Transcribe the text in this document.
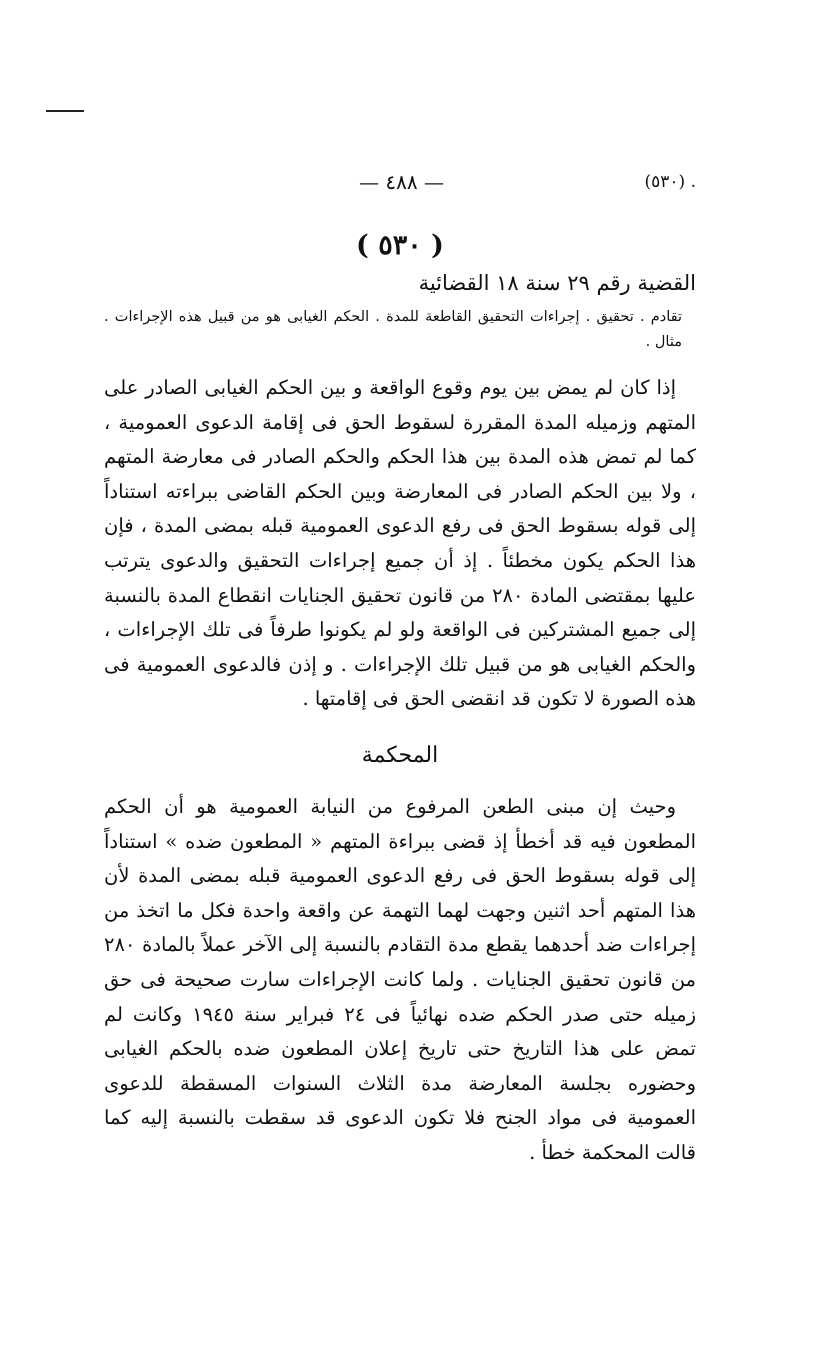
— ٤٨٨ —	. (٥٣٠)
( ٥٣٠ )
القضية رقم ٢٩ سنة ١٨ القضائية
تقادم . تحقيق . إجراءات التحقيق القاطعة للمدة . الحكم الغيابى هو من قبيل هذه الإجراءات . مثال .

إذا كان لم يمض بين يوم وقوع الواقعة و بين الحكم الغيابى الصادر على المتهم وزميله المدة المقررة لسقوط الحق فى إقامة الدعوى العمومية ، كما لم تمض هذه المدة بين هذا الحكم والحكم الصادر فى معارضة المتهم ، ولا بين الحكم الصادر فى المعارضة وبين الحكم القاضى ببراءته استناداً إلى قوله بسقوط الحق فى رفع الدعوى العمومية قبله بمضى المدة ، فإن هذا الحكم يكون مخطئاً . إذ أن جميع إجراءات التحقيق والدعوى يترتب عليها بمقتضى المادة ٢٨٠ من قانون تحقيق الجنايات انقطاع المدة بالنسبة إلى جميع المشتركين فى الواقعة ولو لم يكونوا طرفاً فى تلك الإجراءات ، والحكم الغيابى هو من قبيل تلك الإجراءات . و إذن فالدعوى العمومية فى هذه الصورة لا تكون قد انقضى الحق فى إقامتها .

المحكمة

وحيث إن مبنى الطعن المرفوع من النيابة العمومية هو أن الحكم المطعون فيه قد أخطأ إذ قضى ببراءة المتهم « المطعون ضده » استناداً إلى قوله بسقوط الحق فى رفع الدعوى العمومية قبله بمضى المدة لأن هذا المتهم أحد اثنين وجهت لهما التهمة عن واقعة واحدة فكل ما اتخذ من إجراءات ضد أحدهما يقطع مدة التقادم بالنسبة إلى الآخر عملاً بالمادة ٢٨٠ من قانون تحقيق الجنايات . ولما كانت الإجراءات سارت صحيحة فى حق زميله حتى صدر الحكم ضده نهائياً فى ٢٤ فبراير سنة ١٩٤٥ وكانت لم تمض على هذا التاريخ حتى تاريخ إعلان المطعون ضده بالحكم الغيابى وحضوره بجلسة المعارضة مدة الثلاث السنوات المسقطة للدعوى العمومية فى مواد الجنح فلا تكون الدعوى قد سقطت بالنسبة إليه كما قالت المحكمة خطأ .
